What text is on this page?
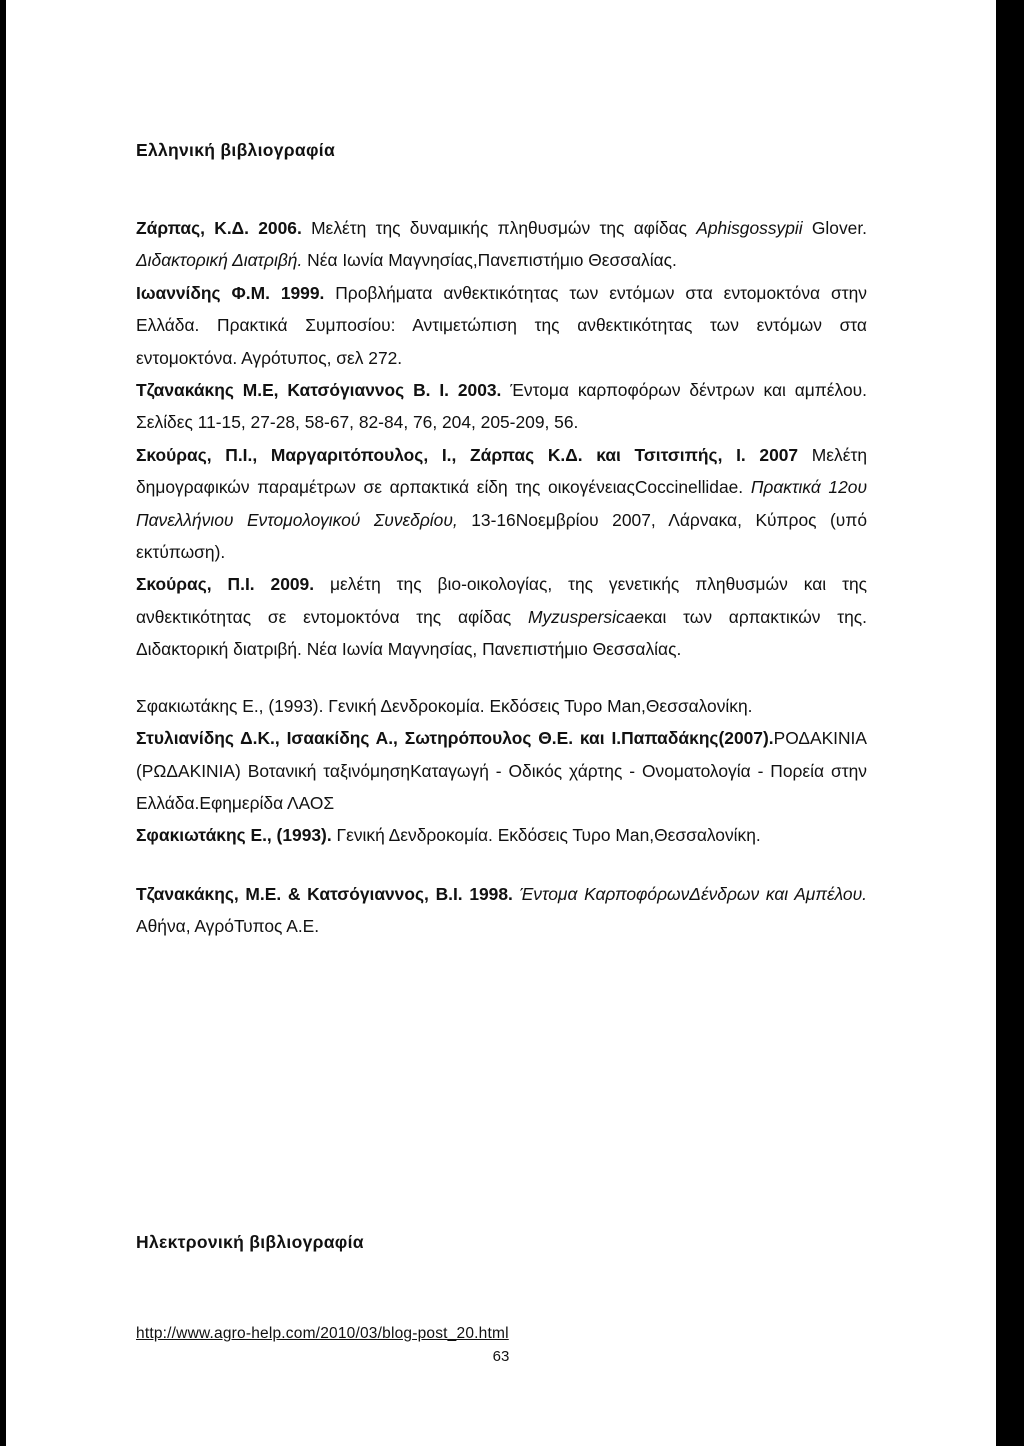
Ελληνική βιβλιογραφία

Ζάρπας, Κ.Δ. 2006. Μελέτη της δυναμικής πληθυσμών της αφίδας Aphisgossypii Glover. Διδακτορική Διατριβή. Νέα Ιωνία Μαγνησίας,Πανεπιστήμιο Θεσσαλίας.

Ιωαννίδης Φ.Μ. 1999. Προβλήματα ανθεκτικότητας των εντόμων στα εντομοκτόνα στην Ελλάδα. Πρακτικά Συμποσίου: Αντιμετώπιση της ανθεκτικότητας των εντόμων στα εντομοκτόνα. Αγρότυπος, σελ 272.

Τζανακάκης Μ.Ε, Κατσόγιαννος Β. Ι. 2003. Έντομα καρποφόρων δέντρων και αμπέλου. Σελίδες 11-15, 27-28, 58-67, 82-84, 76, 204, 205-209, 56.

Σκούρας, Π.Ι., Μαργαριτόπουλος, Ι., Ζάρπας Κ.Δ. και Τσιτσιπής, Ι. 2007 Μελέτη δημογραφικών παραμέτρων σε αρπακτικά είδη της οικογένειαςCoccinellidae. Πρακτικά 12ου Πανελλήνιου Εντομολογικού Συνεδρίου, 13-16Νοεμβρίου 2007, Λάρνακα, Κύπρος (υπό εκτύπωση).

Σκούρας, Π.Ι. 2009. μελέτη της βιο-οικολογίας, της γενετικής πληθυσμών και της ανθεκτικότητας σε εντομοκτόνα της αφίδας Myzuspersicaeκαι των αρπακτικών της. Διδακτορική διατριβή. Νέα Ιωνία Μαγνησίας, Πανεπιστήμιο Θεσσαλίας.

Σφακιωτάκης Ε., (1993). Γενική Δενδροκομία. Εκδόσεις Τυρο Man,Θεσσαλονίκη.

Στυλιανίδης Δ.Κ., Ισαακίδης Α., Σωτηρόπουλος Θ.Ε. και Ι.Παπαδάκης(2007).ΡΟΔΑΚΙΝΙΑ (ΡΩΔΑΚΙΝΙΑ) Βοτανική ταξινόμησηΚαταγωγή - Οδικός χάρτης - Ονοματολογία - Πορεία στην Ελλάδα.Εφημερίδα ΛΑΟΣ

Σφακιωτάκης Ε., (1993). Γενική Δενδροκομία. Εκδόσεις Τυρο Man,Θεσσαλονίκη.

Τζανακάκης, Μ.Ε. & Κατσόγιαννος, Β.Ι. 1998. Έντομα ΚαρποφόρωνΔένδρων και Αμπέλου. Αθήνα, ΑγρόΤυπος Α.Ε.

Ηλεκτρονική βιβλιογραφία
http://www.agro-help.com/2010/03/blog-post_20.html
63
